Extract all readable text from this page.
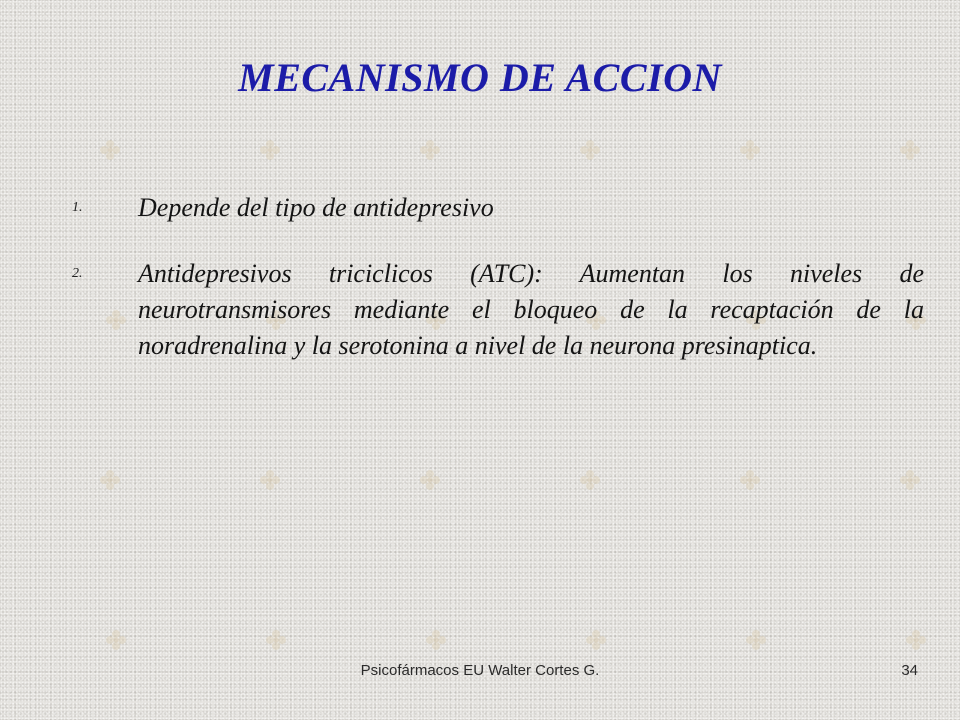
MECANISMO DE ACCION
1. Depende del tipo de antidepresivo
2. Antidepresivos triciclicos (ATC): Aumentan los niveles de neurotransmisores mediante el bloqueo de la recaptación de la noradrenalina y la serotonina a nivel de la neurona presinaptica.
Psicofármacos EU Walter Cortes G.	34
